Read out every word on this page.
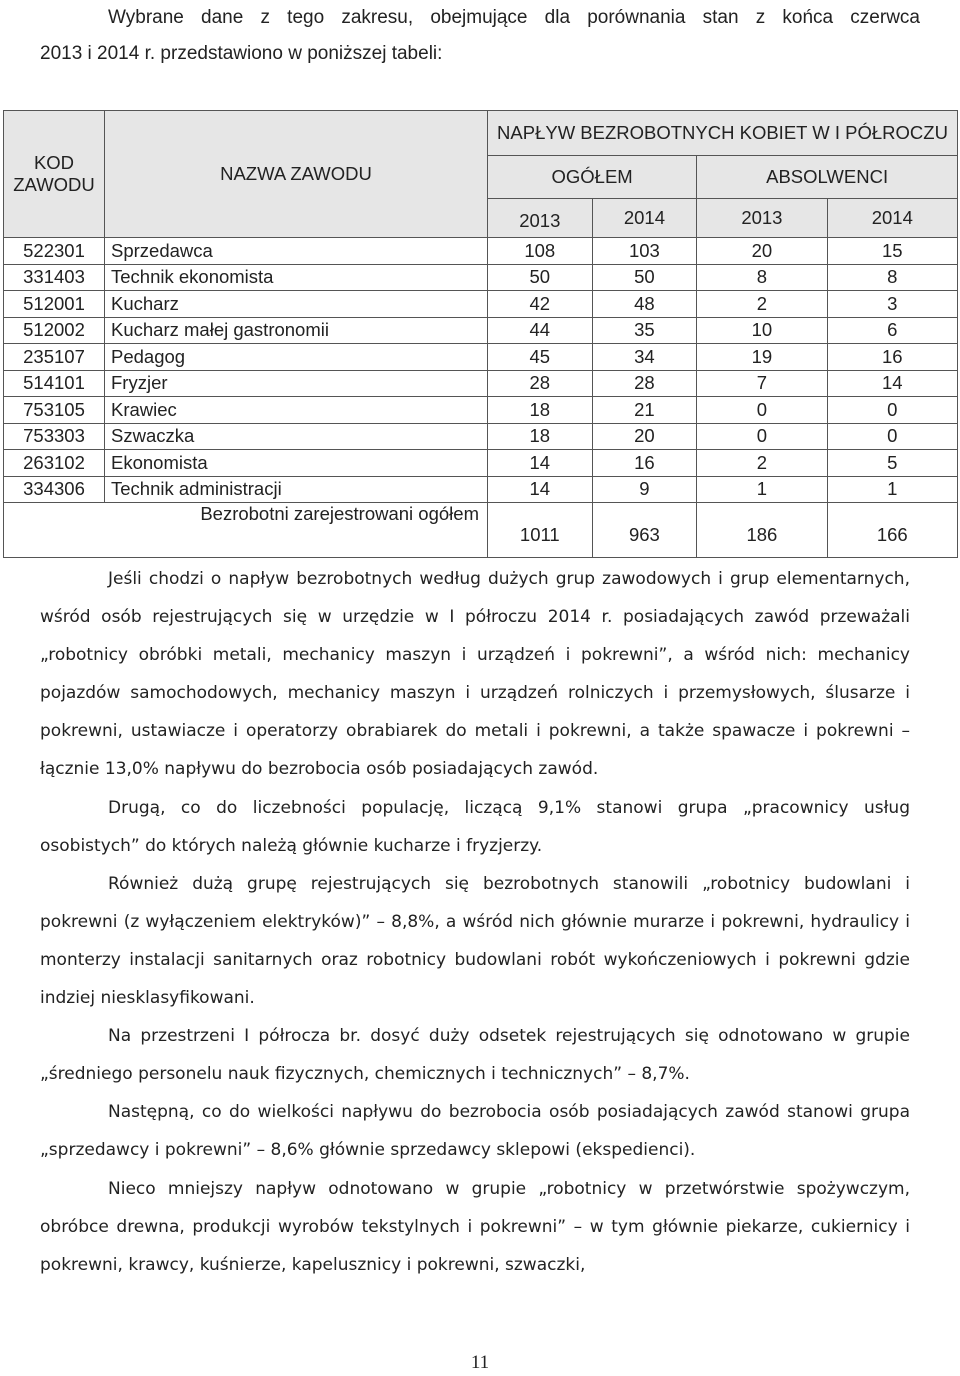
Wybrane dane z tego zakresu, obejmujące dla porównania stan z końca czerwca
2013 i 2014 r. przedstawiono w poniższej tabeli:
KOD ZAWODU	NAZWA ZAWODU	NAPŁYW BEZROBOTNYCH KOBIET W I PÓŁROCZU			
		OGÓŁEM		ABSOLWENCI	
		2013	2014	2013	2014
522301	Sprzedawca	108	103	20	15
331403	Technik ekonomista	50	50	8	8
512001	Kucharz	42	48	2	3
512002	Kucharz małej gastronomii	44	35	10	6
235107	Pedagog	45	34	19	16
514101	Fryzjer	28	28	7	14
753105	Krawiec	18	21	0	0
753303	Szwaczka	18	20	0	0
263102	Ekonomista	14	16	2	5
334306	Technik administracji	14	9	1	1
Bezrobotni zarejestrowani ogółem		1011	963	186	166

Jeśli chodzi o napływ bezrobotnych według dużych grup zawodowych i grup elementarnych, wśród osób rejestrujących się w urzędzie w I półroczu 2014 r. posiadających zawód przeważali „robotnicy obróbki metali, mechanicy maszyn i urządzeń i pokrewni”, a wśród nich: mechanicy pojazdów samochodowych, mechanicy maszyn i urządzeń rolniczych i przemysłowych, ślusarze i pokrewni, ustawiacze i operatorzy obrabiarek do metali i pokrewni, a także spawacze i pokrewni – łącznie 13,0% napływu do bezrobocia osób posiadających zawód.

Drugą, co do liczebności populację, liczącą 9,1% stanowi grupa „pracownicy usług osobistych” do których należą głównie kucharze i fryzjerzy.

Również dużą grupę rejestrujących się bezrobotnych stanowili „robotnicy budowlani i pokrewni (z wyłączeniem elektryków)” – 8,8%, a wśród nich głównie murarze i pokrewni, hydraulicy i monterzy instalacji sanitarnych oraz robotnicy budowlani robót wykończeniowych i pokrewni gdzie indziej niesklasyfikowani.

Na przestrzeni I półrocza br. dosyć duży odsetek rejestrujących się odnotowano w grupie „średniego personelu nauk fizycznych, chemicznych i technicznych” – 8,7%.

Następną, co do wielkości napływu do bezrobocia osób posiadających zawód stanowi grupa „sprzedawcy i pokrewni” – 8,6% głównie sprzedawcy sklepowi (ekspedienci).

Nieco mniejszy napływ odnotowano w grupie „robotnicy w przetwórstwie spożywczym, obróbce drewna, produkcji wyrobów tekstylnych i pokrewni” – w tym głównie piekarze, cukiernicy i pokrewni, krawcy, kuśnierze, kapelusznicy i pokrewni, szwaczki,

11
